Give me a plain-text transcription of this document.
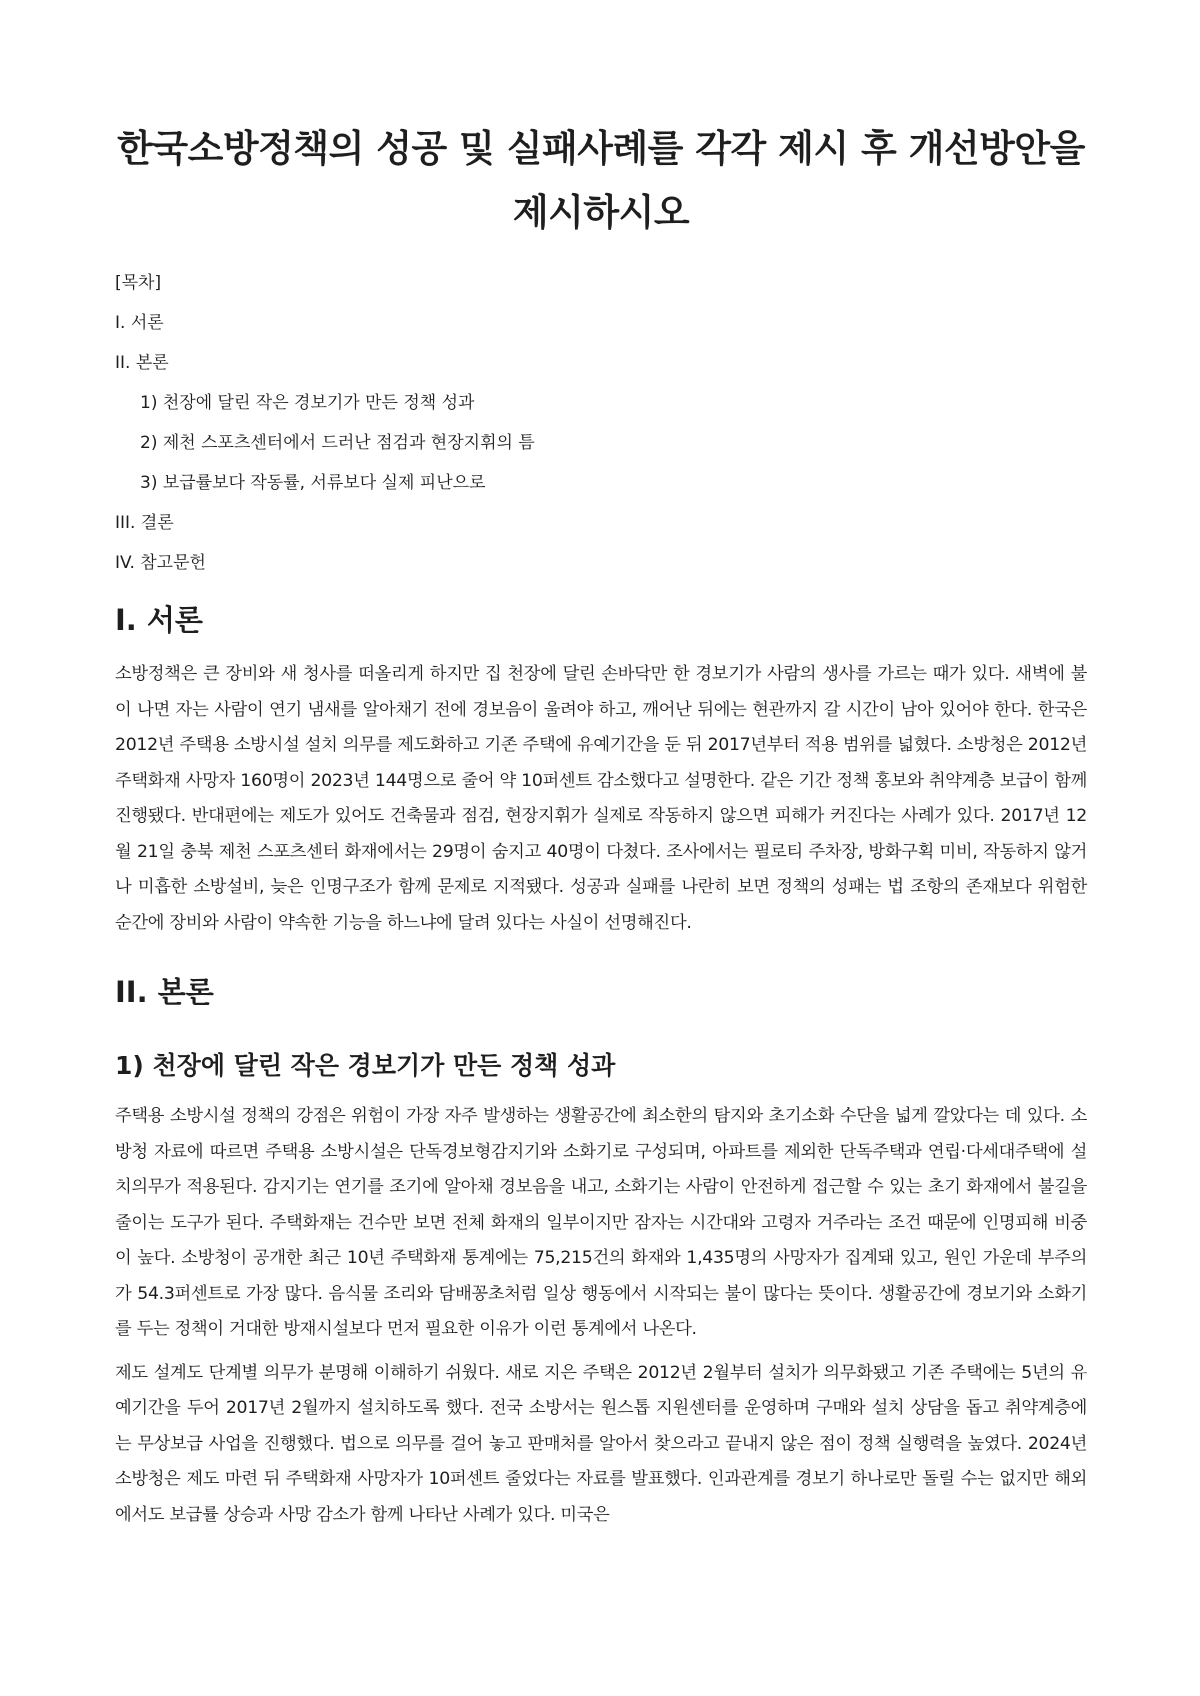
한국소방정책의 성공 및 실패사례를 각각 제시 후 개선방안을 제시하시오
[목차]
I. 서론
II. 본론
1) 천장에 달린 작은 경보기가 만든 정책 성과
2) 제천 스포츠센터에서 드러난 점검과 현장지휘의 틈
3) 보급률보다 작동률, 서류보다 실제 피난으로
III. 결론
IV. 참고문헌
I. 서론

소방정책은 큰 장비와 새 청사를 떠올리게 하지만 집 천장에 달린 손바닥만 한 경보기가 사람의 생사를 가르는 때가 있다. 새벽에 불이 나면 자는 사람이 연기 냄새를 알아채기 전에 경보음이 울려야 하고, 깨어난 뒤에는 현관까지 갈 시간이 남아 있어야 한다. 한국은 2012년 주택용 소방시설 설치 의무를 제도화하고 기존 주택에 유예기간을 둔 뒤 2017년부터 적용 범위를 넓혔다. 소방청은 2012년 주택화재 사망자 160명이 2023년 144명으로 줄어 약 10퍼센트 감소했다고 설명한다. 같은 기간 정책 홍보와 취약계층 보급이 함께 진행됐다. 반대편에는 제도가 있어도 건축물과 점검, 현장지휘가 실제로 작동하지 않으면 피해가 커진다는 사례가 있다. 2017년 12월 21일 충북 제천 스포츠센터 화재에서는 29명이 숨지고 40명이 다쳤다. 조사에서는 필로티 주차장, 방화구획 미비, 작동하지 않거나 미흡한 소방설비, 늦은 인명구조가 함께 문제로 지적됐다. 성공과 실패를 나란히 보면 정책의 성패는 법 조항의 존재보다 위험한 순간에 장비와 사람이 약속한 기능을 하느냐에 달려 있다는 사실이 선명해진다.

II. 본론
1) 천장에 달린 작은 경보기가 만든 정책 성과

주택용 소방시설 정책의 강점은 위험이 가장 자주 발생하는 생활공간에 최소한의 탐지와 초기소화 수단을 넓게 깔았다는 데 있다. 소방청 자료에 따르면 주택용 소방시설은 단독경보형감지기와 소화기로 구성되며, 아파트를 제외한 단독주택과 연립·다세대주택에 설치의무가 적용된다. 감지기는 연기를 조기에 알아채 경보음을 내고, 소화기는 사람이 안전하게 접근할 수 있는 초기 화재에서 불길을 줄이는 도구가 된다. 주택화재는 건수만 보면 전체 화재의 일부이지만 잠자는 시간대와 고령자 거주라는 조건 때문에 인명피해 비중이 높다. 소방청이 공개한 최근 10년 주택화재 통계에는 75,215건의 화재와 1,435명의 사망자가 집계돼 있고, 원인 가운데 부주의가 54.3퍼센트로 가장 많다. 음식물 조리와 담배꽁초처럼 일상 행동에서 시작되는 불이 많다는 뜻이다. 생활공간에 경보기와 소화기를 두는 정책이 거대한 방재시설보다 먼저 필요한 이유가 이런 통계에서 나온다.

제도 설계도 단계별 의무가 분명해 이해하기 쉬웠다. 새로 지은 주택은 2012년 2월부터 설치가 의무화됐고 기존 주택에는 5년의 유예기간을 두어 2017년 2월까지 설치하도록 했다. 전국 소방서는 원스톱 지원센터를 운영하며 구매와 설치 상담을 돕고 취약계층에는 무상보급 사업을 진행했다. 법으로 의무를 걸어 놓고 판매처를 알아서 찾으라고 끝내지 않은 점이 정책 실행력을 높였다. 2024년 소방청은 제도 마련 뒤 주택화재 사망자가 10퍼센트 줄었다는 자료를 발표했다. 인과관계를 경보기 하나로만 돌릴 수는 없지만 해외에서도 보급률 상승과 사망 감소가 함께 나타난 사례가 있다. 미국은
